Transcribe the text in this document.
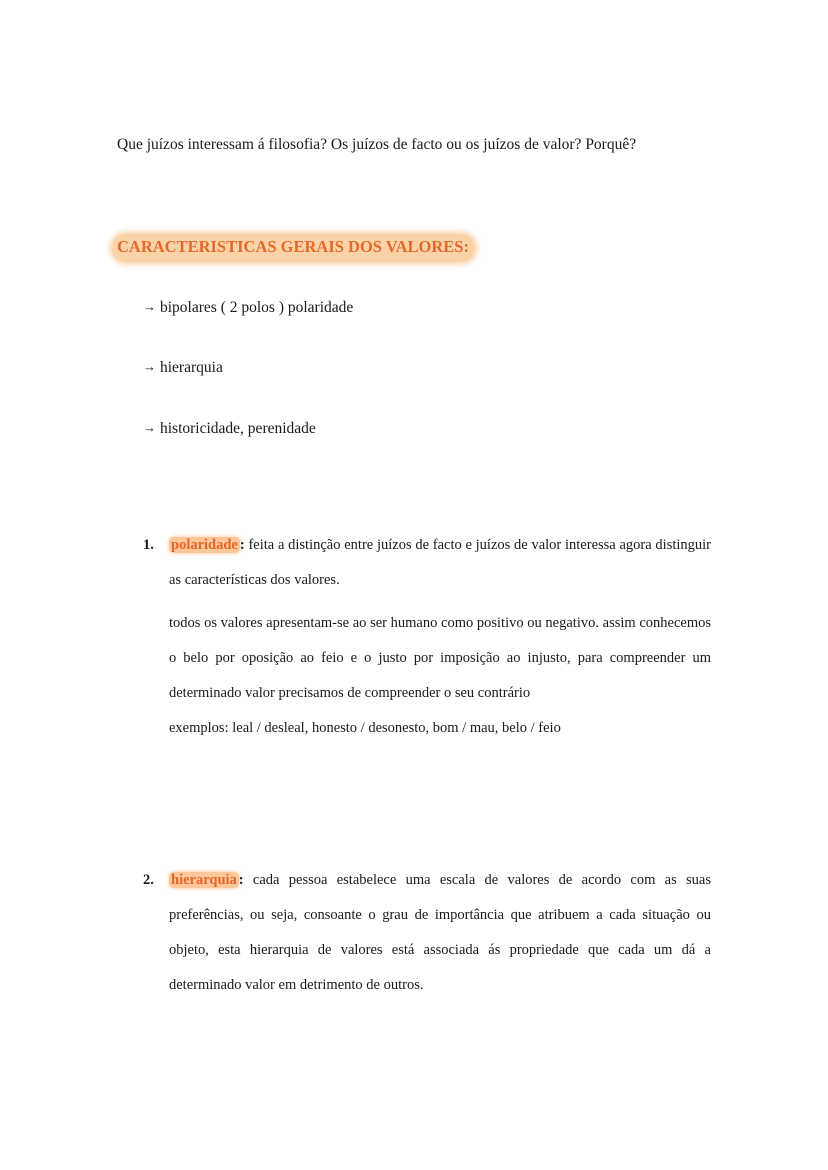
Que juízos interessam á filosofia? Os juízos de facto ou os juízos de valor? Porquê?
CARACTERISTICAS GERAIS DOS VALORES:
→ bipolares ( 2 polos ) polaridade
→ hierarquia
→ historicidade, perenidade
1. polaridade : feita a distinção entre juízos de facto e juízos de valor interessa agora distinguir as características dos valores.

todos os valores apresentam-se ao ser humano como positivo ou negativo. assim conhecemos o belo por oposição ao feio e o justo por imposição ao injusto, para compreender um determinado valor precisamos de compreender o seu contrário

exemplos: leal / desleal, honesto / desonesto, bom / mau, belo / feio

2. hierarquia : cada pessoa estabelece uma escala de valores de acordo com as suas preferências, ou seja, consoante o grau de importância que atribuem a cada situação ou objeto, esta hierarquia de valores está associada ás propriedade que cada um dá a determinado valor em detrimento de outros.
